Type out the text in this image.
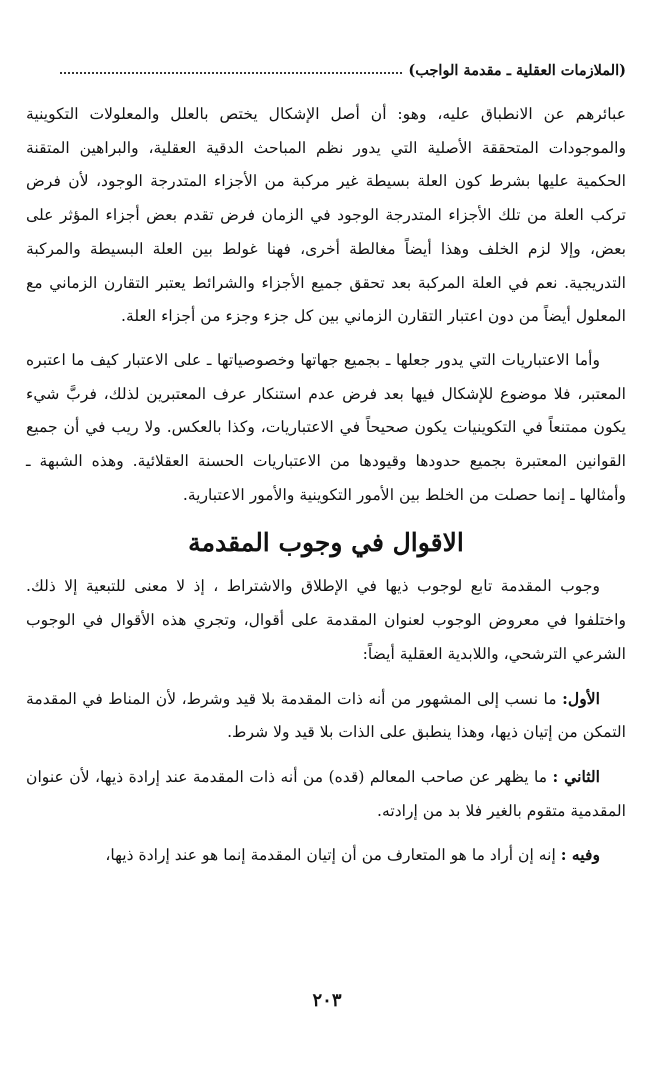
(الملازمات العقلية ـ مقدمة الواجب)

عبائرهم عن الانطباق عليه، وهو: أن أصل الإشكال يختص بالعلل والمعلولات التكوينية والموجودات المتحققة الأصلية التي يدور نظم المباحث الدقية العقلية، والبراهين المتقنة الحكمية عليها بشرط كون العلة بسيطة غير مركبة من الأجزاء المتدرجة الوجود، لأن فرض تركب العلة من تلك الأجزاء المتدرجة الوجود في الزمان فرض تقدم بعض أجزاء المؤثر على بعض، وإلا لزم الخلف وهذا أيضاً مغالطة أخرى، فهنا غولط بين العلة البسيطة والمركبة التدريجية. نعم في العلة المركبة بعد تحقق جميع الأجزاء والشرائط يعتبر التقارن الزماني مع المعلول أيضاً من دون اعتبار التقارن الزماني بين كل جزء وجزء من أجزاء العلة.

وأما الاعتباريات التي يدور جعلها ـ بجميع جهاتها وخصوصياتها ـ على الاعتبار كيف ما اعتبره المعتبر، فلا موضوع للإشكال فيها بعد فرض عدم استنكار عرف المعتبرين لذلك، فربَّ شيء يكون ممتنعاً في التكوينيات يكون صحيحاً في الاعتباريات، وكذا بالعكس. ولا ريب في أن جميع القوانين المعتبرة بجميع حدودها وقيودها من الاعتباريات الحسنة العقلائية. وهذه الشبهة ـ وأمثالها ـ إنما حصلت من الخلط بين الأمور التكوينية والأمور الاعتبارية.

الاقوال في وجوب المقدمة

وجوب المقدمة تابع لوجوب ذيها في الإطلاق والاشتراط ، إذ لا معنى للتبعية إلا ذلك. واختلفوا في معروض الوجوب لعنوان المقدمة على أقوال، وتجري هذه الأقوال في الوجوب الشرعي الترشحي، واللابدية العقلية أيضاً:

الأول: ما نسب إلى المشهور من أنه ذات المقدمة بلا قيد وشرط، لأن المناط في المقدمة التمكن من إتيان ذيها، وهذا ينطبق على الذات بلا قيد ولا شرط.

الثاني : ما يظهر عن صاحب المعالم (قده) من أنه ذات المقدمة عند إرادة ذيها، لأن عنوان المقدمية متقوم بالغير فلا بد من إرادته.

وفيه : إنه إن أراد ما هو المتعارف من أن إتيان المقدمة إنما هو عند إرادة ذيها،

٢٠٣
